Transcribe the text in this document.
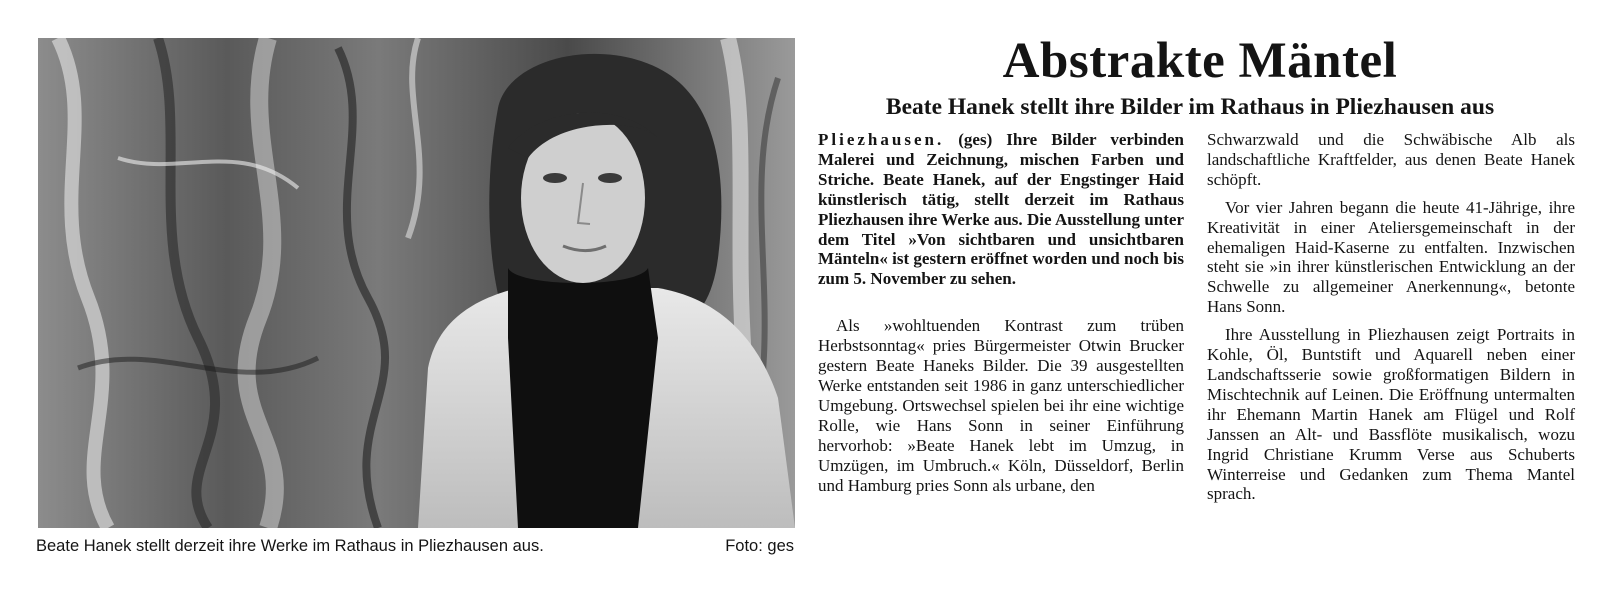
Beate Hanek stellt derzeit ihre Werke im Rathaus in Pliezhausen aus.	Foto: ges
Abstrakte Mäntel
Beate Hanek stellt ihre Bilder im Rathaus in Pliezhausen aus

Pliezhausen. (ges) Ihre Bilder verbinden Malerei und Zeichnung, mischen Farben und Striche. Beate Hanek, auf der Engstinger Haid künstlerisch tätig, stellt derzeit im Rathaus Pliezhausen ihre Werke aus. Die Ausstellung unter dem Titel »Von sichtbaren und unsichtbaren Mänteln« ist gestern eröffnet worden und noch bis zum 5. November zu sehen.

Als »wohltuenden Kontrast zum trüben Herbstsonntag« pries Bürgermeister Otwin Brucker gestern Beate Haneks Bilder. Die 39 ausgestellten Werke entstanden seit 1986 in ganz unterschiedlicher Umgebung. Ortswechsel spielen bei ihr eine wichtige Rolle, wie Hans Sonn in seiner Einführung hervorhob: »Beate Hanek lebt im Umzug, in Umzügen, im Umbruch.« Köln, Düsseldorf, Berlin und Hamburg pries Sonn als urbane, den

Schwarzwald und die Schwäbische Alb als landschaftliche Kraftfelder, aus denen Beate Hanek schöpft.

Vor vier Jahren begann die heute 41-Jährige, ihre Kreativität in einer Ateliersgemeinschaft in der ehemaligen Haid-Kaserne zu entfalten. Inzwischen steht sie »in ihrer künstlerischen Entwicklung an der Schwelle zu allgemeiner Anerkennung«, betonte Hans Sonn.

Ihre Ausstellung in Pliezhausen zeigt Portraits in Kohle, Öl, Buntstift und Aquarell neben einer Landschaftsserie sowie großformatigen Bildern in Mischtechnik auf Leinen. Die Eröffnung untermalten ihr Ehemann Martin Hanek am Flügel und Rolf Janssen an Alt- und Bassflöte musikalisch, wozu Ingrid Christiane Krumm Verse aus Schuberts Winterreise und Gedanken zum Thema Mantel sprach.
